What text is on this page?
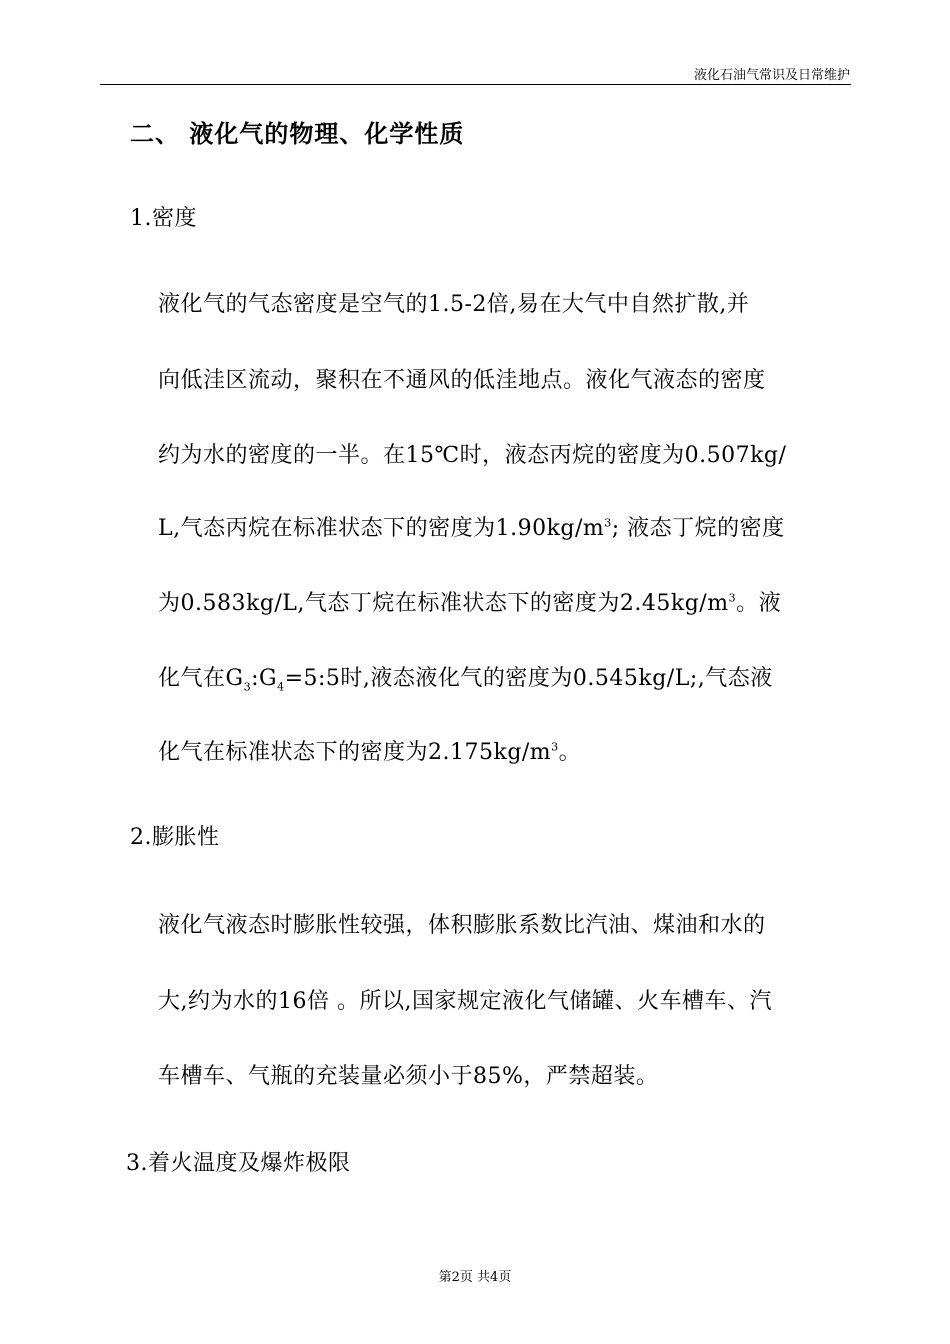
液化石油气常识及日常维护
二、 液化气的物理、化学性质
1.密度
液化气的气态密度是空气的1.5-2倍,易在大气中自然扩散,并
向低洼区流动，聚积在不通风的低洼地点。液化气液态的密度
约为水的密度的一半。在15℃时，液态丙烷的密度为0.507kg/
L,气态丙烷在标准状态下的密度为$1.90kg/m^3$; 液态丁烷的密度
为0.583kg/L,气态丁烷在标准状态下的密度为$2.45kg/m^3$。液
化气在$G_3:G_4=5:5$时,液态液化气的密度为0.545kg/L;,气态液
化气在标准状态下的密度为$2.175kg/m^3$。
2.膨胀性
液化气液态时膨胀性较强，体积膨胀系数比汽油、煤油和水的
大,约为水的16倍 。所以,国家规定液化气储罐、火车槽车、汽
车槽车、气瓶的充装量必须小于85%，严禁超装。
3.着火温度及爆炸极限
第2页 共4页
